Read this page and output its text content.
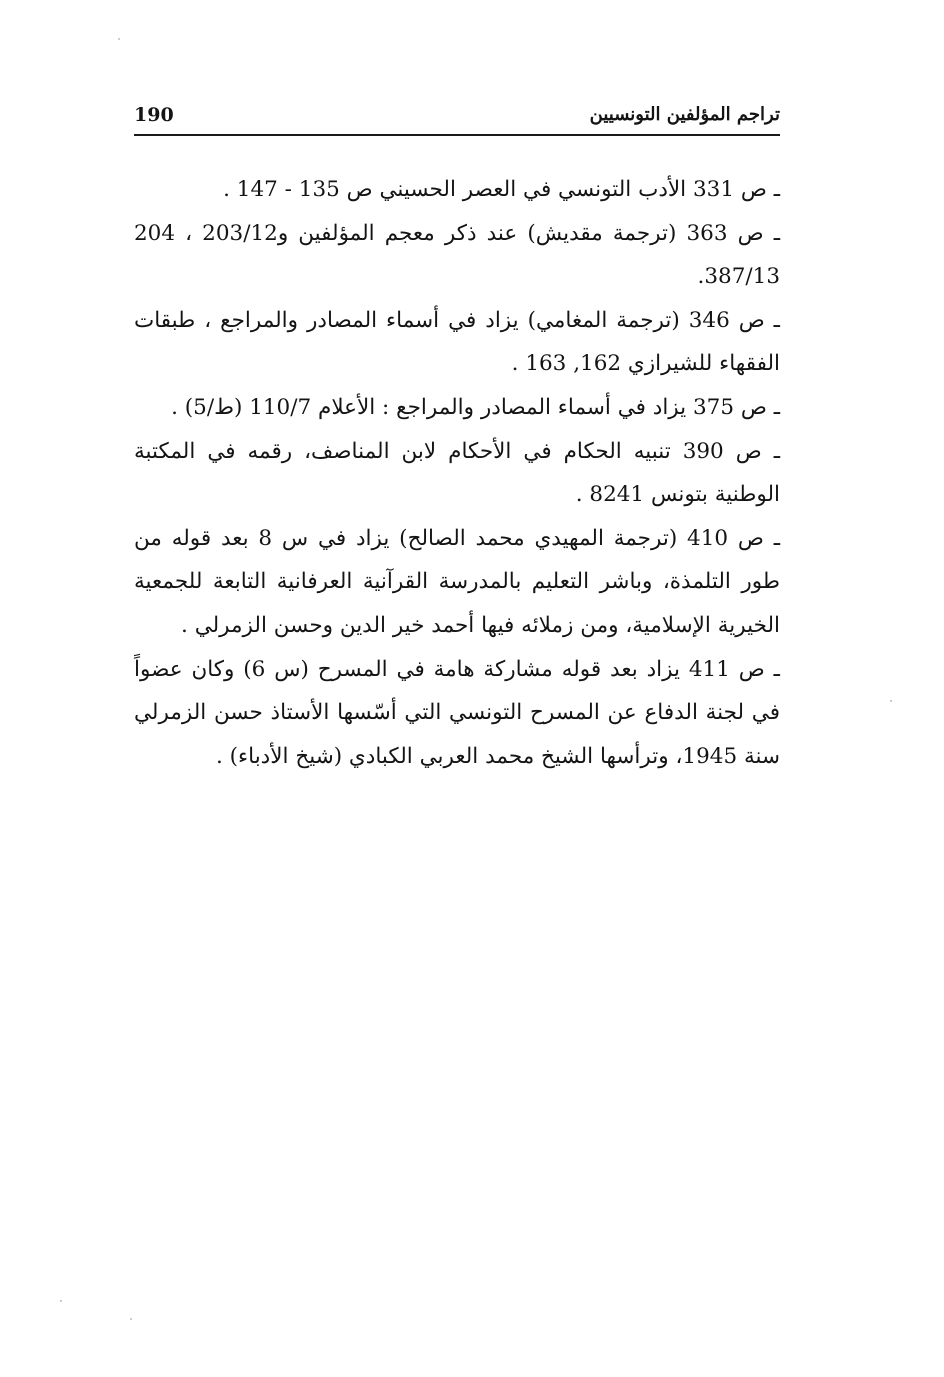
تراجم المؤلفين التونسيين
190

ـ ص 331 الأدب التونسي في العصر الحسيني ص 135 - 147 .

ـ ص 363 (ترجمة مقديش) عند ذكر معجم المؤلفين و203/12 ، 204 387/13.

ـ ص 346 (ترجمة المغامي) يزاد في أسماء المصادر والمراجع ، طبقات الفقهاء للشيرازي 162, 163 .

ـ ص 375 يزاد في أسماء المصادر والمراجع : الأعلام 110/7 (ط/5) .

ـ ص 390 تنبيه الحكام في الأحكام لابن المناصف، رقمه في المكتبة الوطنية بتونس 8241 .

ـ ص 410 (ترجمة المهيدي محمد الصالح) يزاد في س 8 بعد قوله من طور التلمذة، وباشر التعليم بالمدرسة القرآنية العرفانية التابعة للجمعية الخيرية الإسلامية، ومن زملائه فيها أحمد خير الدين وحسن الزمرلي .

ـ ص 411 يزاد بعد قوله مشاركة هامة في المسرح (س 6) وكان عضواً في لجنة الدفاع عن المسرح التونسي التي أسّسها الأستاذ حسن الزمرلي سنة 1945، وترأسها الشيخ محمد العربي الكبادي (شيخ الأدباء) .
